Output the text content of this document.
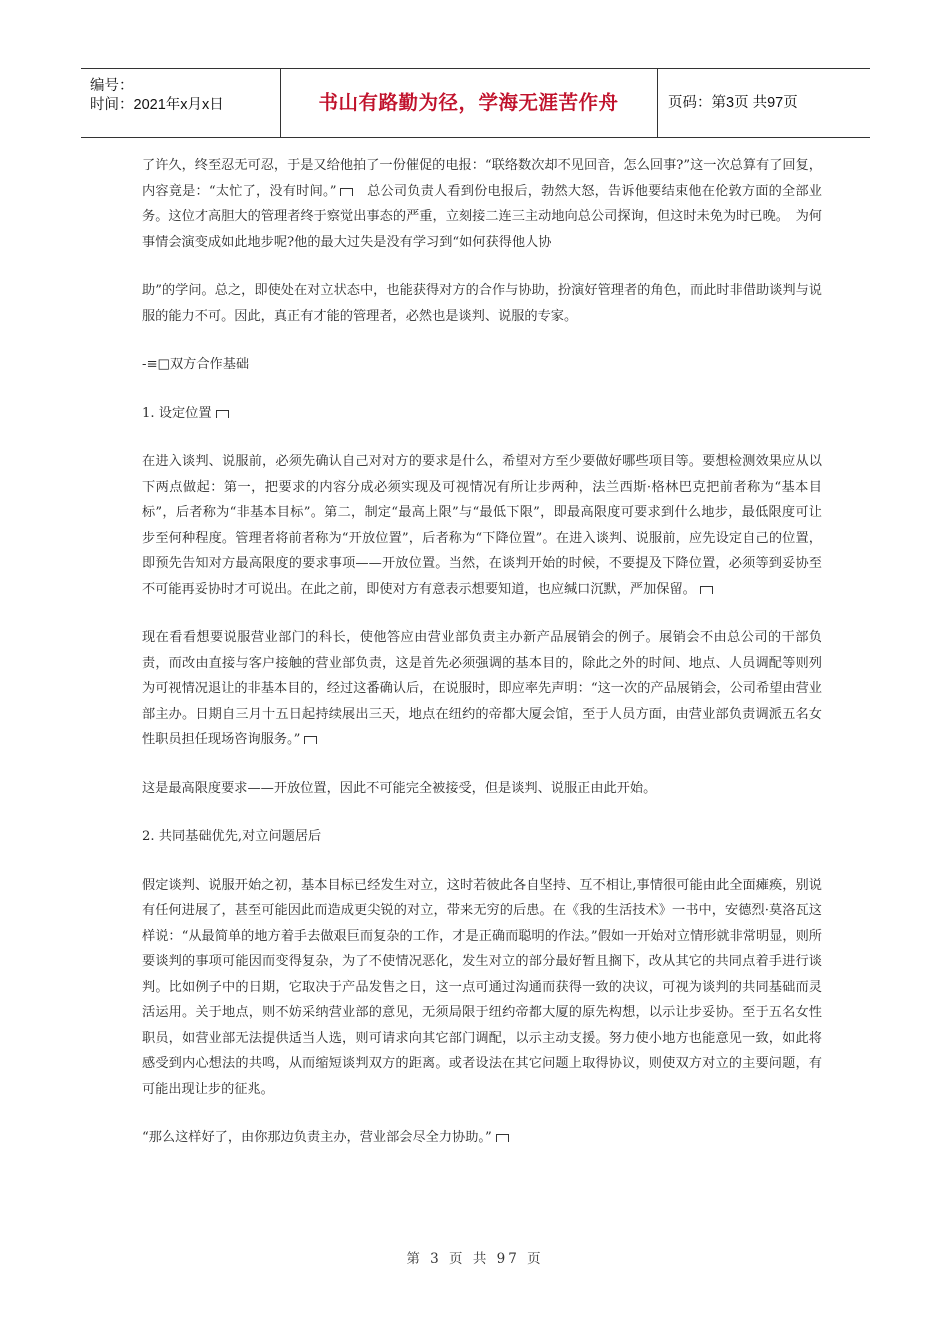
编号：
时间：2021年x月x日	书山有路勤为径，学海无涯苦作舟	页码：第3页 共97页

了许久，终至忍无可忍，于是又给他拍了一份催促的电报：“联络数次却不见回音，怎么回事?”这一次总算有了回复，内容竟是：“太忙了，没有时间。”　 总公司负责人看到份电报后，勃然大怒，告诉他要结束他在伦敦方面的全部业务。这位才高胆大的管理者终于察觉出事态的严重，立刻接二连三主动地向总公司探询，但这时未免为时已晚。　为何事情会演变成如此地步呢?他的最大过失是没有学习到“如何获得他人协

助”的学问。总之，即使处在对立状态中，也能获得对方的合作与协助，扮演好管理者的角色，而此时非借助谈判与说服的能力不可。因此，真正有才能的管理者，必然也是谈判、说服的专家。

-≡□双方合作基础

1. 设定位置

在进入谈判、说服前，必须先确认自己对对方的要求是什么，希望对方至少要做好哪些项目等。要想检测效果应从以下两点做起：第一，把要求的内容分成必须实现及可视情况有所让步两种，法兰西斯·格林巴克把前者称为“基本目标”，后者称为“非基本目标”。第二，制定“最高上限”与“最低下限”，即最高限度可要求到什么地步，最低限度可让步至何种程度。管理者将前者称为“开放位置”，后者称为“下降位置”。在进入谈判、说服前，应先设定自己的位置，即预先告知对方最高限度的要求事项——开放位置。当然，在谈判开始的时候，不要提及下降位置，必须等到妥协至不可能再妥协时才可说出。在此之前，即使对方有意表示想要知道，也应缄口沉默，严加保留。

现在看看想要说服营业部门的科长，使他答应由营业部负责主办新产品展销会的例子。展销会不由总公司的干部负责，而改由直接与客户接触的营业部负责，这是首先必须强调的基本目的，除此之外的时间、地点、人员调配等则列为可视情况退让的非基本目的，经过这番确认后，在说服时，即应率先声明：“这一次的产品展销会，公司希望由营业部主办。日期自三月十五日起持续展出三天，地点在纽约的帝都大厦会馆，至于人员方面，由营业部负责调派五名女性职员担任现场咨询服务。”

这是最高限度要求——开放位置，因此不可能完全被接受，但是谈判、说服正由此开始。

2. 共同基础优先,对立问题居后

假定谈判、说服开始之初，基本目标已经发生对立，这时若彼此各自坚持、互不相让,事情很可能由此全面瘫痪，别说有任何进展了，甚至可能因此而造成更尖锐的对立，带来无穷的后患。在《我的生活技术》一书中，安德烈·莫洛瓦这样说：“从最简单的地方着手去做艰巨而复杂的工作，才是正确而聪明的作法。”假如一开始对立情形就非常明显，则所要谈判的事项可能因而变得复杂，为了不使情况恶化，发生对立的部分最好暂且搁下，改从其它的共同点着手进行谈判。比如例子中的日期，它取决于产品发售之日，这一点可通过沟通而获得一致的决议，可视为谈判的共同基础而灵活运用。关于地点，则不妨采纳营业部的意见，无须局限于纽约帝都大厦的原先构想，以示让步妥协。至于五名女性职员，如营业部无法提供适当人选，则可请求向其它部门调配，以示主动支援。努力使小地方也能意见一致，如此将感受到内心想法的共鸣，从而缩短谈判双方的距离。或者设法在其它问题上取得协议，则使双方对立的主要问题，有可能出现让步的征兆。

“那么这样好了，由你那边负责主办，营业部会尽全力协助。”

第 3 页 共 97 页
